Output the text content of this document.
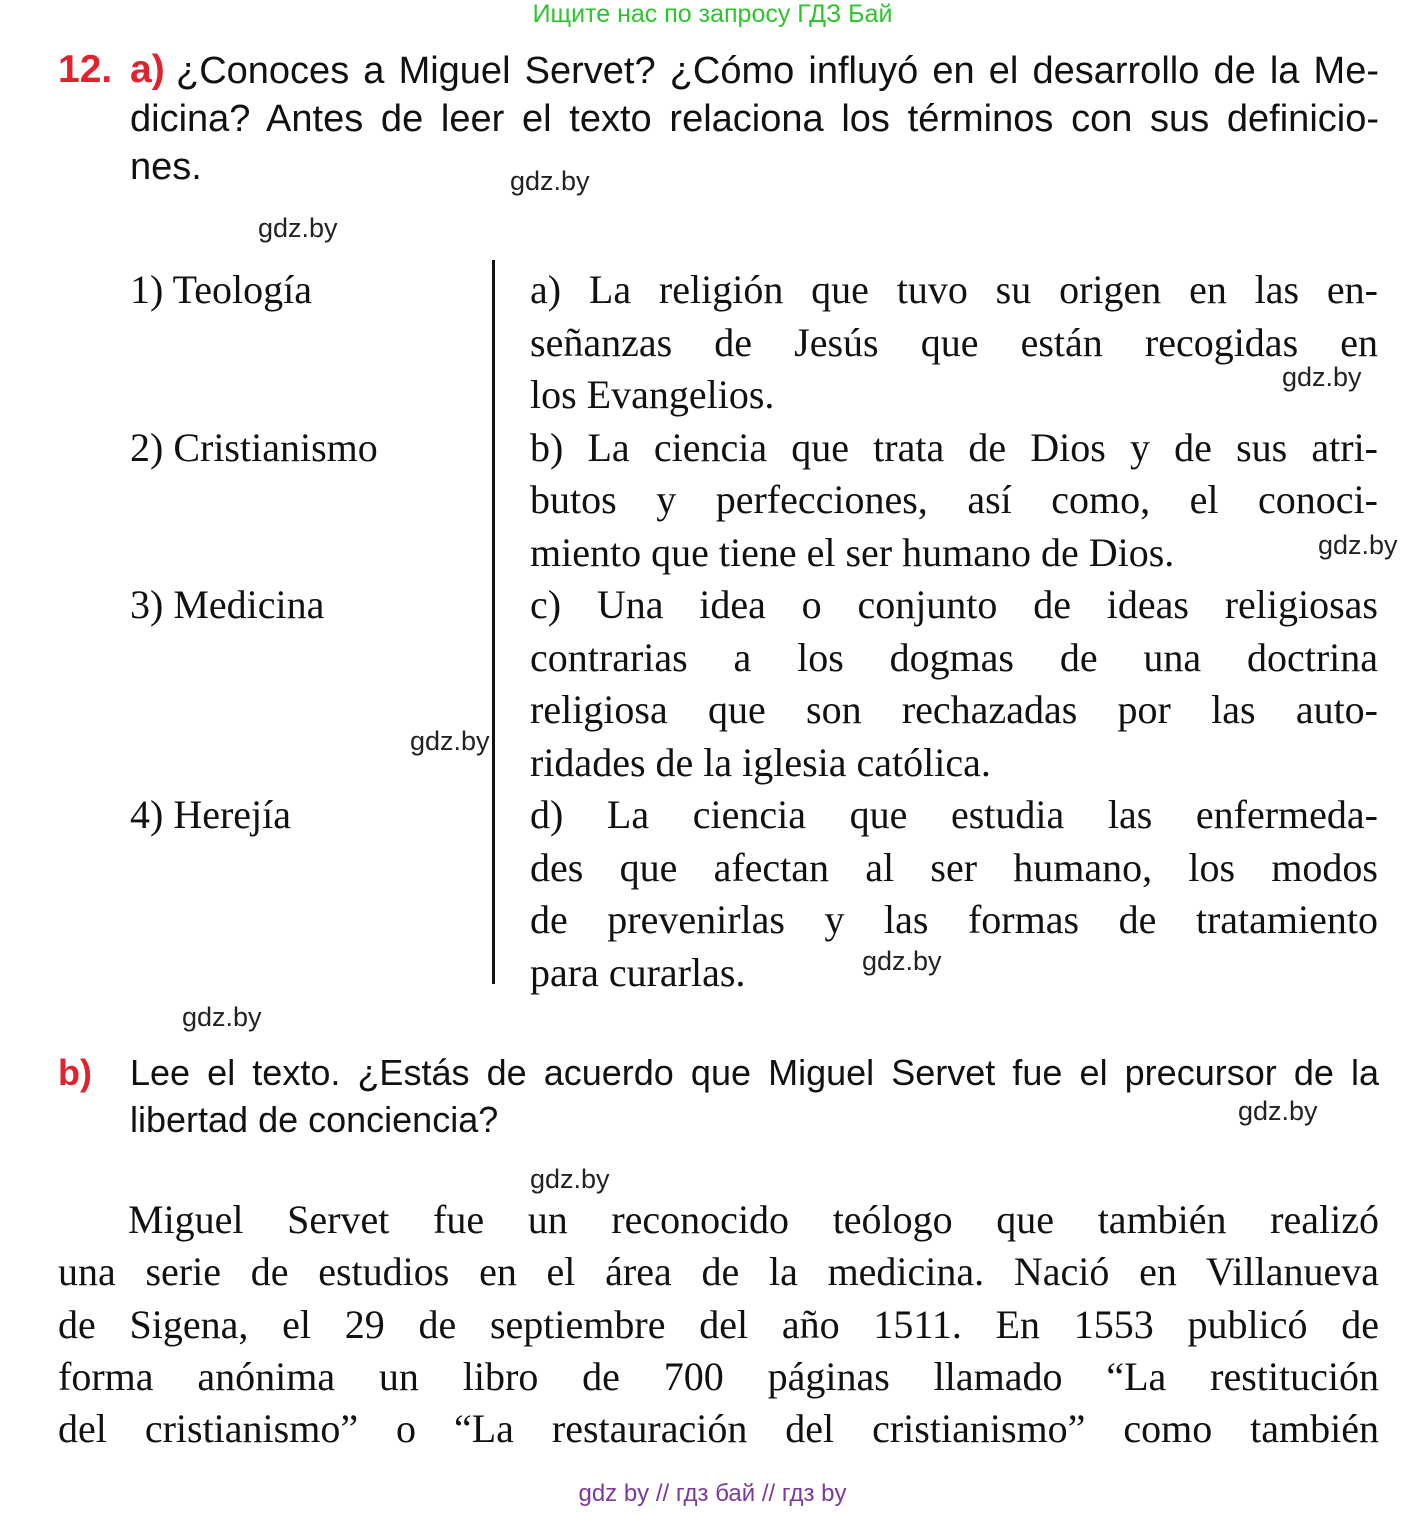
Ищите нас по запросу ГДЗ Бай
12. a) ¿Conoces a Miguel Servet? ¿Cómo influyó en el desarrollo de la Me-
dicina? Antes de leer el texto relaciona los términos con sus definicio-
nes.	gdz.by
gdz.by
gdz.by
gdz.by
gdz.by
gdz.by
gdz.by
gdz.by
gdz.by
1) Teología
2) Cristianismo
3) Medicina
4) Herejía
a) La religión que tuvo su origen en las en-
señanzas de Jesús que están recogidas en
los Evangelios.
b) La ciencia que trata de Dios y de sus atri-
butos y perfecciones, así como, el conoci-
miento que tiene el ser humano de Dios.
c) Una idea o conjunto de ideas religiosas
contrarias a los dogmas de una doctrina
religiosa que son rechazadas por las auto-
ridades de la iglesia católica.
d) La ciencia que estudia las enfermeda-
des que afectan al ser humano, los modos
de prevenirlas y las formas de tratamiento
para curarlas.
b) Lee el texto. ¿Estás de acuerdo que Miguel Servet fue el precursor de la
libertad de conciencia?
Miguel Servet fue un reconocido teólogo que también realizó
una serie de estudios en el área de la medicina. Nació en Villanueva
de Sigena, el 29 de septiembre del año 1511. En 1553 publicó de
forma anónima un libro de 700 páginas llamado “La restitución
del cristianismo” o “La restauración del cristianismo” como también
gdz by // гдз бай // гдз by
